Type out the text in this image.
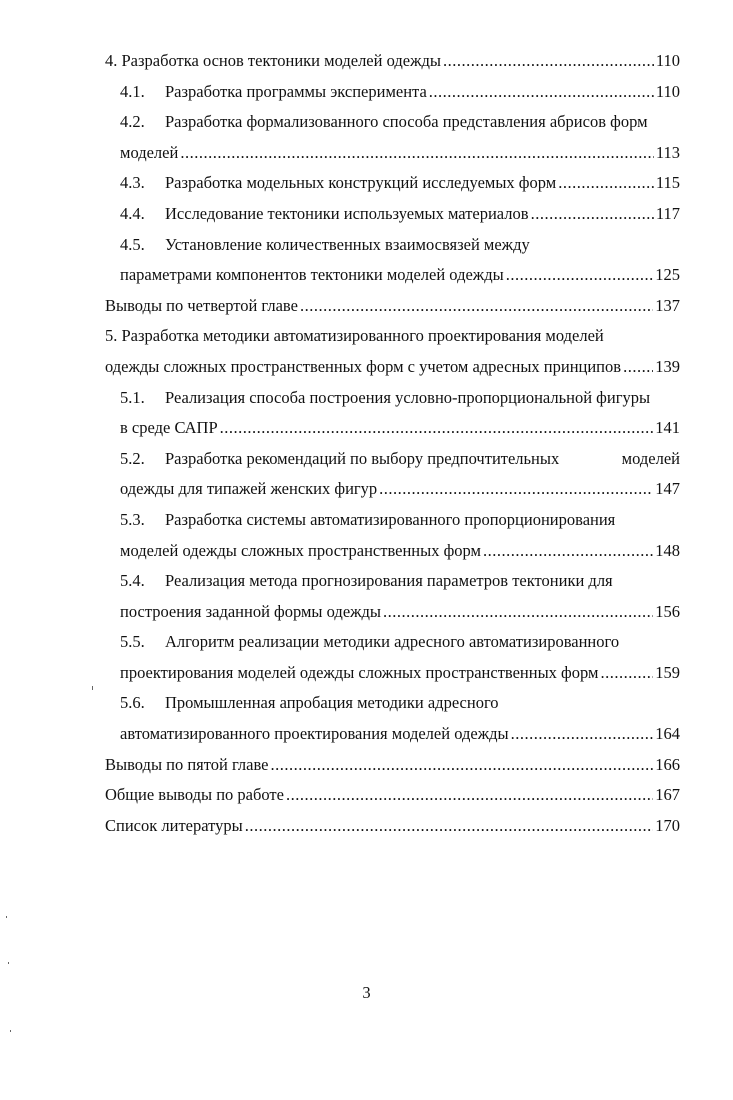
4. Разработка основ тектоники моделей одежды .....	110
4.1. Разработка программы эксперимента .....	110
4.2. Разработка формализованного способа представления абрисов форм
моделей .....	113
4.3. Разработка модельных конструкций исследуемых форм .....	115
4.4. Исследование тектоники используемых материалов .....	117
4.5. Установление количественных взаимосвязей между
параметрами компонентов тектоники моделей одежды .....	125
Выводы по четвертой главе .....	137
5. Разработка методики автоматизированного проектирования моделей
одежды сложных пространственных форм с учетом адресных принципов ..... 139
5.1. Реализация способа построения условно-пропорциональной фигуры
в среде САПР .....	141
5.2. Разработка рекомендаций по выбору предпочтительных	моделей
одежды для типажей женских фигур .....	147
5.3. Разработка системы автоматизированного пропорционирования
моделей одежды сложных пространственных форм .....	148
5.4. Реализация метода прогнозирования параметров тектоники для
построения заданной формы одежды .....	156
5.5. Алгоритм реализации методики адресного автоматизированного
проектирования моделей одежды сложных пространственных форм .....	159
5.6. Промышленная апробация методики адресного
автоматизированного проектирования моделей одежды .....	164
Выводы по пятой главе .....	166
Общие выводы по работе .....	167
Список литературы .....	170
3
